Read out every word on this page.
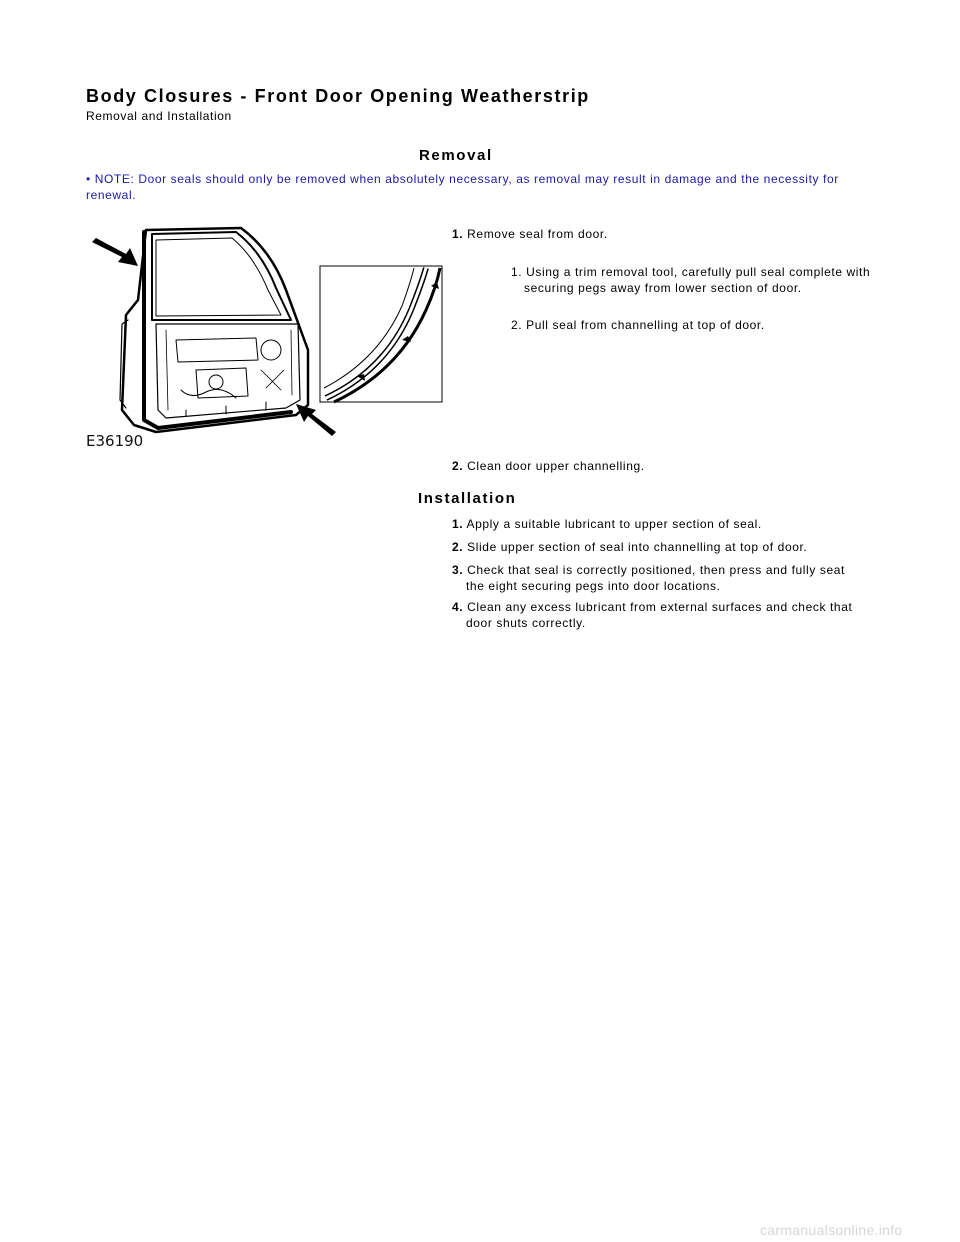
Body Closures - Front Door Opening Weatherstrip
Removal and Installation
Removal
• NOTE: Door seals should only be removed when absolutely necessary, as removal may result in damage and the necessity for renewal.
E36190
1. Remove seal from door.
1. Using a trim removal tool, carefully pull seal complete with securing pegs away from lower section of door.
2. Pull seal from channelling at top of door.
2. Clean door upper channelling.
Installation
1. Apply a suitable lubricant to upper section of seal.
2. Slide upper section of seal into channelling at top of door.
3. Check that seal is correctly positioned, then press and fully seat the eight securing pegs into door locations.
4. Clean any excess lubricant from external surfaces and check that door shuts correctly.
carmanualsonline.info
